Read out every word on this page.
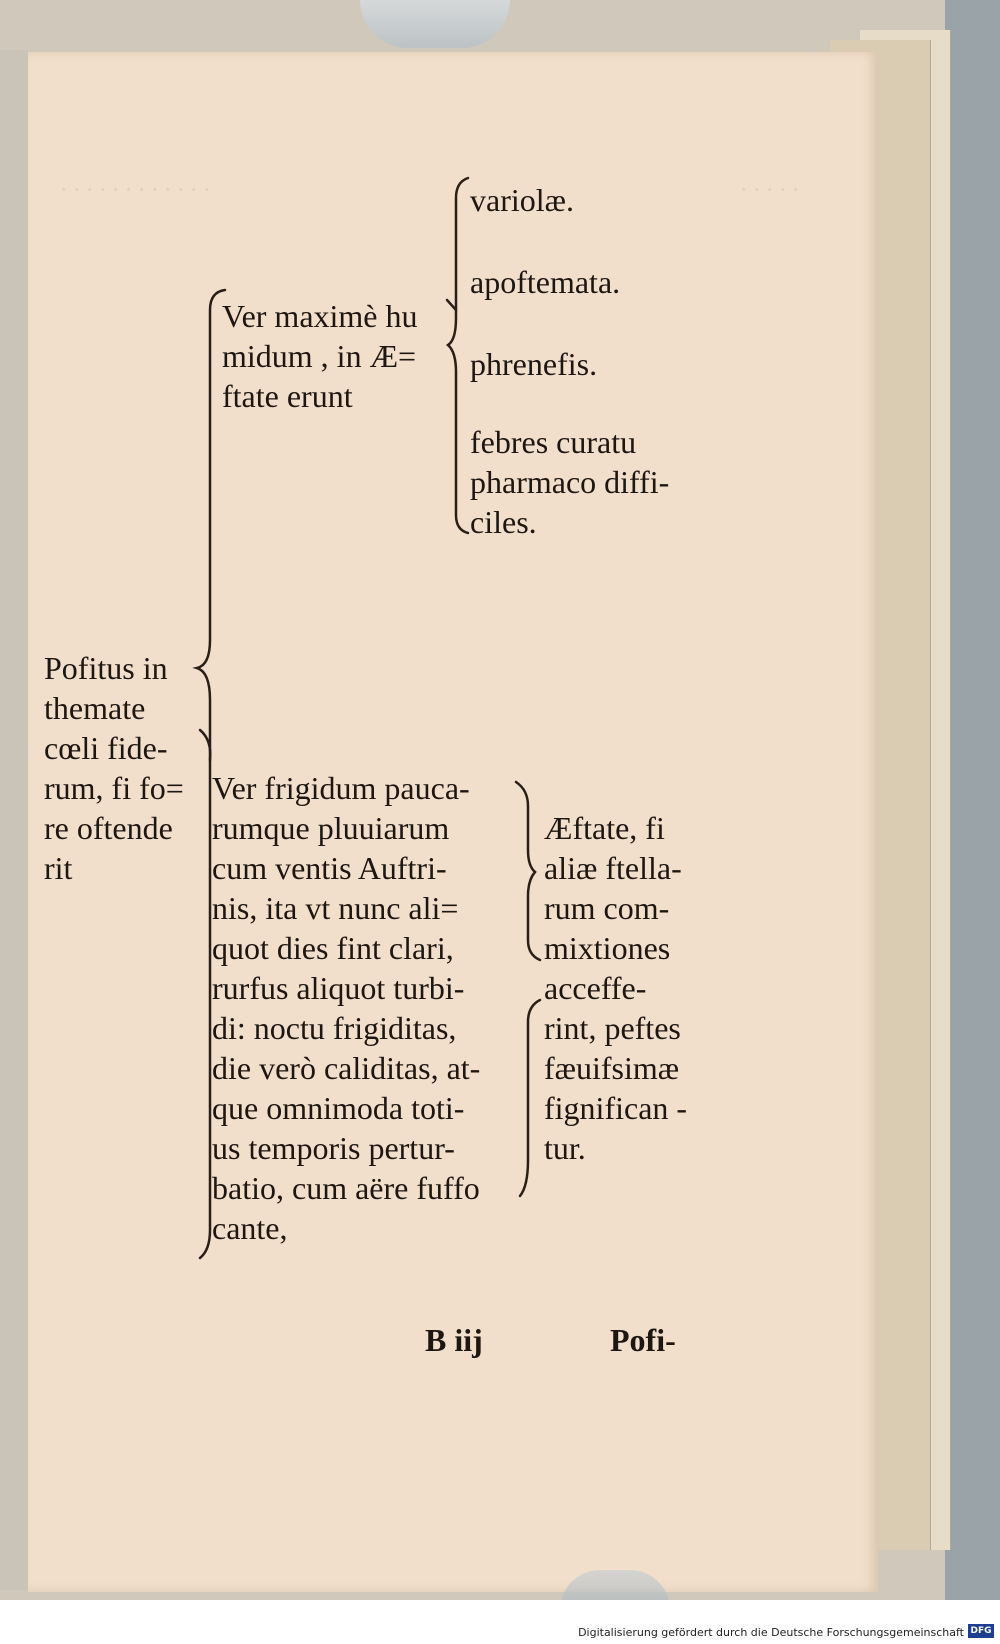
· · · · · · · · · · · ·	· · · · ·
Pofitus in
themate
cœli fide-
rum, fi fo=
re oftende
rit
Ver maximè hu
midum , in Æ=
ftate erunt
variolæ.
apoftemata.
phrenefis.
febres curatu
pharmaco diffi-
ciles.
Ver frigidum pauca-
rumque pluuiarum
cum ventis Auftri-
nis, ita vt nunc ali=
quot dies fint clari,
rurfus aliquot turbi-
di: noctu frigiditas,
die verò caliditas, at-
que omnimoda toti-
us temporis pertur-
batio, cum aëre fuffo
cante,
Æftate, fi
aliæ ftella-
rum com-
mixtiones
acceffe-
rint, peftes
fæuifsimæ
fignifican -
tur.
B iij	Pofi-
Digitalisierung gefördert durch die Deutsche Forschungsgemeinschaft DFG
